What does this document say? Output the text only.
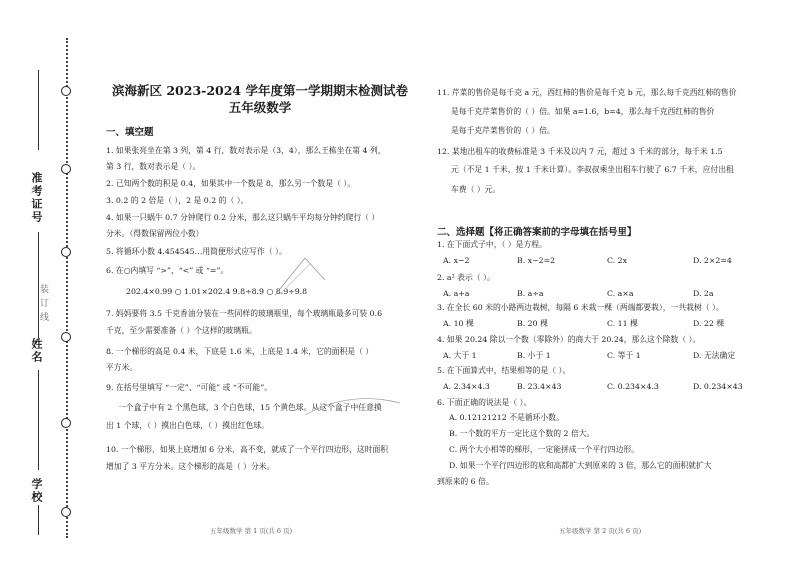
准考证号
装
订
线
姓名
学校
滨海新区 2023-2024 学年度第一学期期末检测试卷
五年级数学
一、填空题
1. 如果张亮坐在第 3 列，第 4 行，数对表示是（3，4），那么王栋坐在第 4 列，
第 3 行，数对表示是（ ）。
2. 已知两个数的积是 0.4，如果其中一个数是 8，那么另一个数是（ ）。
3. 0.2 的 2 倍是（ ），2 是 0.2 的（ ）。
4. 如果一只蜗牛 0.7 分钟爬行 0.2 分米，那么这只蜗牛平均每分钟约爬行（ ）
分米。（得数保留两位小数）
5. 将循环小数 4.454545…用简便形式应写作（ ）。
6. 在○内填写 “>”、“<” 或 “=”。
202.4×0.99 ○ 1.01×202.4 9.8÷8.9 ○ 8.9÷9.8
7. 妈妈要将 3.5 千克香油分装在一些同样的玻璃瓶里，每个玻璃瓶最多可装 0.6
千克，至少需要准备（ ）个这样的玻璃瓶。
8. 一个梯形的高是 0.4 米，下底是 1.6 米，上底是 1.4 米，它的面积是（ ）
平方米。
9. 在括号里填写 “一定”、“可能” 或 “不可能”。
一个盒子中有 2 个黑色球，3 个白色球，15 个黄色球。从这个盒子中任意摸
出 1 个球，（ ）摸出白色球，（ ）摸出红色球。
10. 一个梯形，如果上底增加 6 分米，高不变，就成了一个平行四边形，这时面积
增加了 3 平方分米。这个梯形的高是（ ）分米。
五年级数学 第 1 页(共 6 页)
11. 芹菜的售价是每千克 a 元，西红柿的售价是每千克 b 元，那么每千克西红柿的售价
是每千克芹菜售价的（ ）倍。如果 a=1.6，b=4，那么每千克西红柿的售价
是每千克芹菜售价的（ ）倍。
12. 某地出租车的收费标准是 3 千米及以内 7 元，超过 3 千米的部分，每千米 1.5
元（不足 1 千米，按 1 千米计算）。李叔叔乘坐出租车行驶了 6.7 千米，应付出租
车费（ ）元。
二、选择题【将正确答案前的字母填在括号里】
1. 在下面式子中，（ ）是方程。
A. x−2	B. x−2=2	C. 2x	D. 2×2=4
2. a² 表示（ ）。
A. a+a	B. a÷a	C. a×a	D. 2a
3. 在全长 60 米的小路两边栽树，每隔 6 米栽一棵（两端都要栽），一共栽树（ ）。
A. 10 棵	B. 20 棵	C. 11 棵	D. 22 棵
4. 如果 20.24 除以一个数（零除外）的商大于 20.24，那么这个除数（ ）。
A. 大于 1	B. 小于 1	C. 等于 1	D. 无法确定
5. 在下面算式中，结果相等的是（ ）。
A. 2.34×4.3	B. 23.4×43	C. 0.234×4.3	D. 0.234×43
6. 下面正确的说法是（ ）。
A. 0.12121212 不是循环小数。
B. 一个数的平方一定比这个数的 2 倍大。
C. 两个大小相等的梯形，一定能拼成一个平行四边形。
D. 如果一个平行四边形的底和高都扩大到原来的 3 倍，那么它的面积就扩大
到原来的 6 倍。
五年级数学 第 2 页(共 6 页)
